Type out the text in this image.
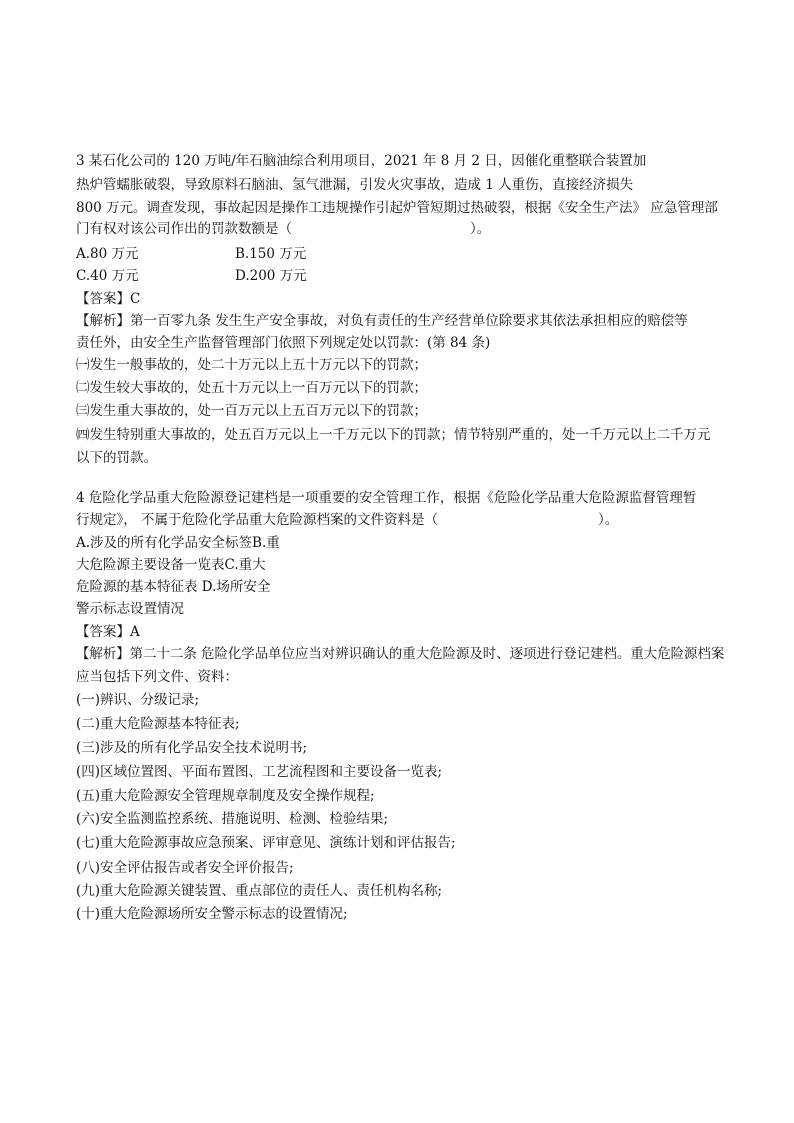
3 某石化公司的 120 万吨/年石脑油综合利用项目，2021 年 8 月 2 日，因催化重整联合装置加
热炉管蠕胀破裂，导致原料石脑油、氢气泄漏，引发火灾事故，造成 1 人重伤，直接经济损失
800 万元。调查发现，事故起因是操作工违规操作引起炉管短期过热破裂，根据《安全生产法》 应急管理部
门有权对该公司作出的罚款数额是（	）。
A.80 万元	B.150 万元
C.40 万元	D.200 万元
【答案】C
【解析】第一百零九条 发生生产安全事故，对负有责任的生产经营单位除要求其依法承担相应的赔偿等
责任外，由安全生产监督管理部门依照下列规定处以罚款：(第 84 条)
㈠发生一般事故的，处二十万元以上五十万元以下的罚款；
㈡发生较大事故的，处五十万元以上一百万元以下的罚款；
㈢发生重大事故的，处一百万元以上五百万元以下的罚款；
㈣发生特别重大事故的，处五百万元以上一千万元以下的罚款；情节特别严重的，处一千万元以上二千万元
以下的罚款。
4 危险化学品重大危险源登记建档是一项重要的安全管理工作，根据《危险化学品重大危险源监督管理暂
行规定》， 不属于危险化学品重大危险源档案的文件资料是（	）。
A.涉及的所有化学品安全标签B.重
大危险源主要设备一览表C.重大
危险源的基本特征表 D.场所安全
警示标志设置情况
【答案】A
【解析】第二十二条 危险化学品单位应当对辨识确认的重大危险源及时、逐项进行登记建档。重大危险源档案
应当包括下列文件、资料：
(一)辨识、分级记录;
(二)重大危险源基本特征表;
(三)涉及的所有化学品安全技术说明书;
(四)区域位置图、平面布置图、工艺流程图和主要设备一览表;
(五)重大危险源安全管理规章制度及安全操作规程;
(六)安全监测监控系统、措施说明、检测、检验结果;
(七)重大危险源事故应急预案、评审意见、演练计划和评估报告;
(八)安全评估报告或者安全评价报告;
(九)重大危险源关键装置、重点部位的责任人、责任机构名称;
(十)重大危险源场所安全警示标志的设置情况;
